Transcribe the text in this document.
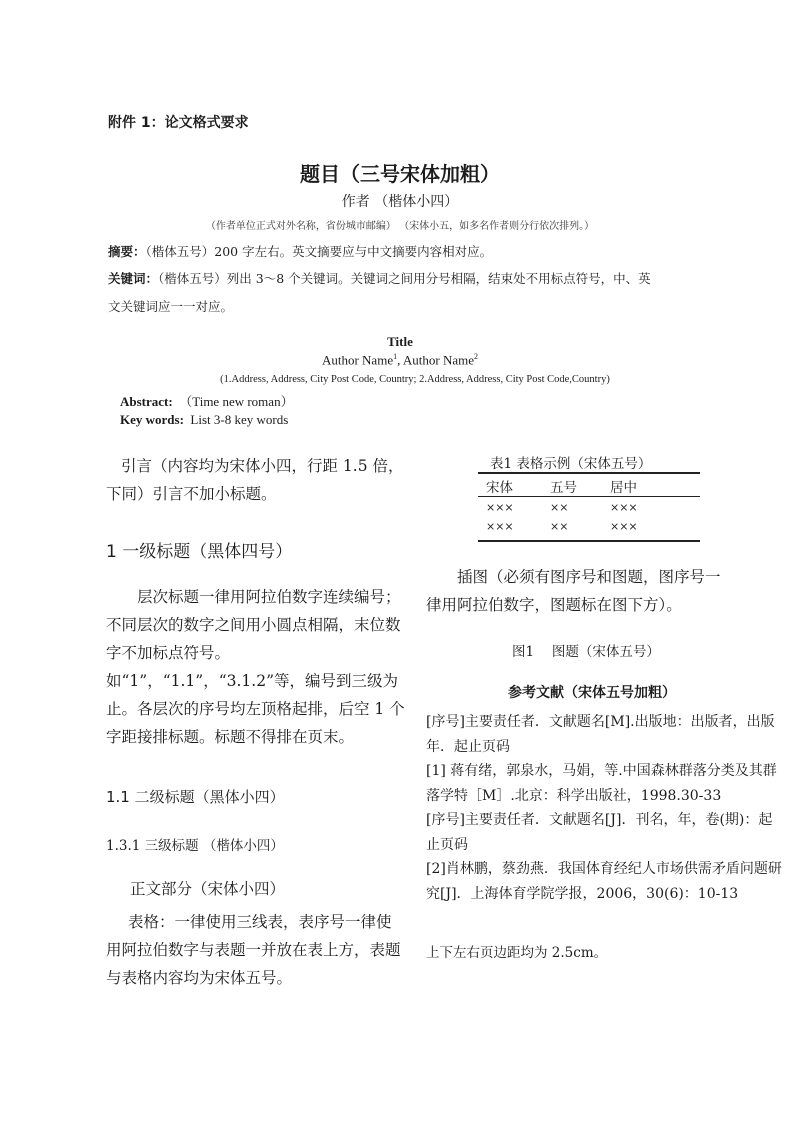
附件 1：论文格式要求
题目（三号宋体加粗）
作者 （楷体小四）
（作者单位正式对外名称，省份城市邮编） （宋体小五，如多名作者则分行依次排列。）
摘要：（楷体五号）200 字左右。英文摘要应与中文摘要内容相对应。
关键词：（楷体五号）列出 3～8 个关键词。关键词之间用分号相隔，结束处不用标点符号，中、英
文关键词应一一对应。
Title
Author Name$^1$, Author Name$^2$
(1.Address, Address, City Post Code, Country; 2.Address, Address, City Post Code,Country)
Abstract: （Time new roman）
Key words: List 3-8 key words
引言（内容均为宋体小四，行距 1.5 倍，下同）引言不加小标题。
1 一级标题（黑体四号）
层次标题一律用阿拉伯数字连续编号；不同层次的数字之间用小圆点相隔，末位数字不加标点符号。如“1”，“1.1”，“3.1.2”等，编号到三级为止。各层次的序号均左顶格起排，后空 1 个字距接排标题。标题不得排在页末。
1.1 二级标题（黑体小四）
1.3.1 三级标题 （楷体小四）
正文部分（宋体小四）
表格：一律使用三线表，表序号一律使用阿拉伯数字与表题一并放在表上方，表题与表格内容均为宋体五号。
表1 表格示例（宋体五号）
宋体	五号 居中
×××	××	×××
×××	××	×××
插图（必须有图序号和图题，图序号一律用阿拉伯数字，图题标在图下方）。
图1　 图题（宋体五号）
参考文献（宋体五号加粗）
[序号]主要责任者．文献题名[M].出版地：出版者，出版年．起止页码
[1] 蒋有绪，郭泉水，马娟，等.中国森林群落分类及其群落学特［M］.北京：科学出版社，1998.30-33
[序号]主要责任者．文献题名[J]．刊名，年，卷(期)：起止页码
[2]肖林鹏，蔡劲燕．我国体育经纪人市场供需矛盾问题研究[J]．上海体育学院学报，2006，30(6)：10-13
上下左右页边距均为 2.5cm。
